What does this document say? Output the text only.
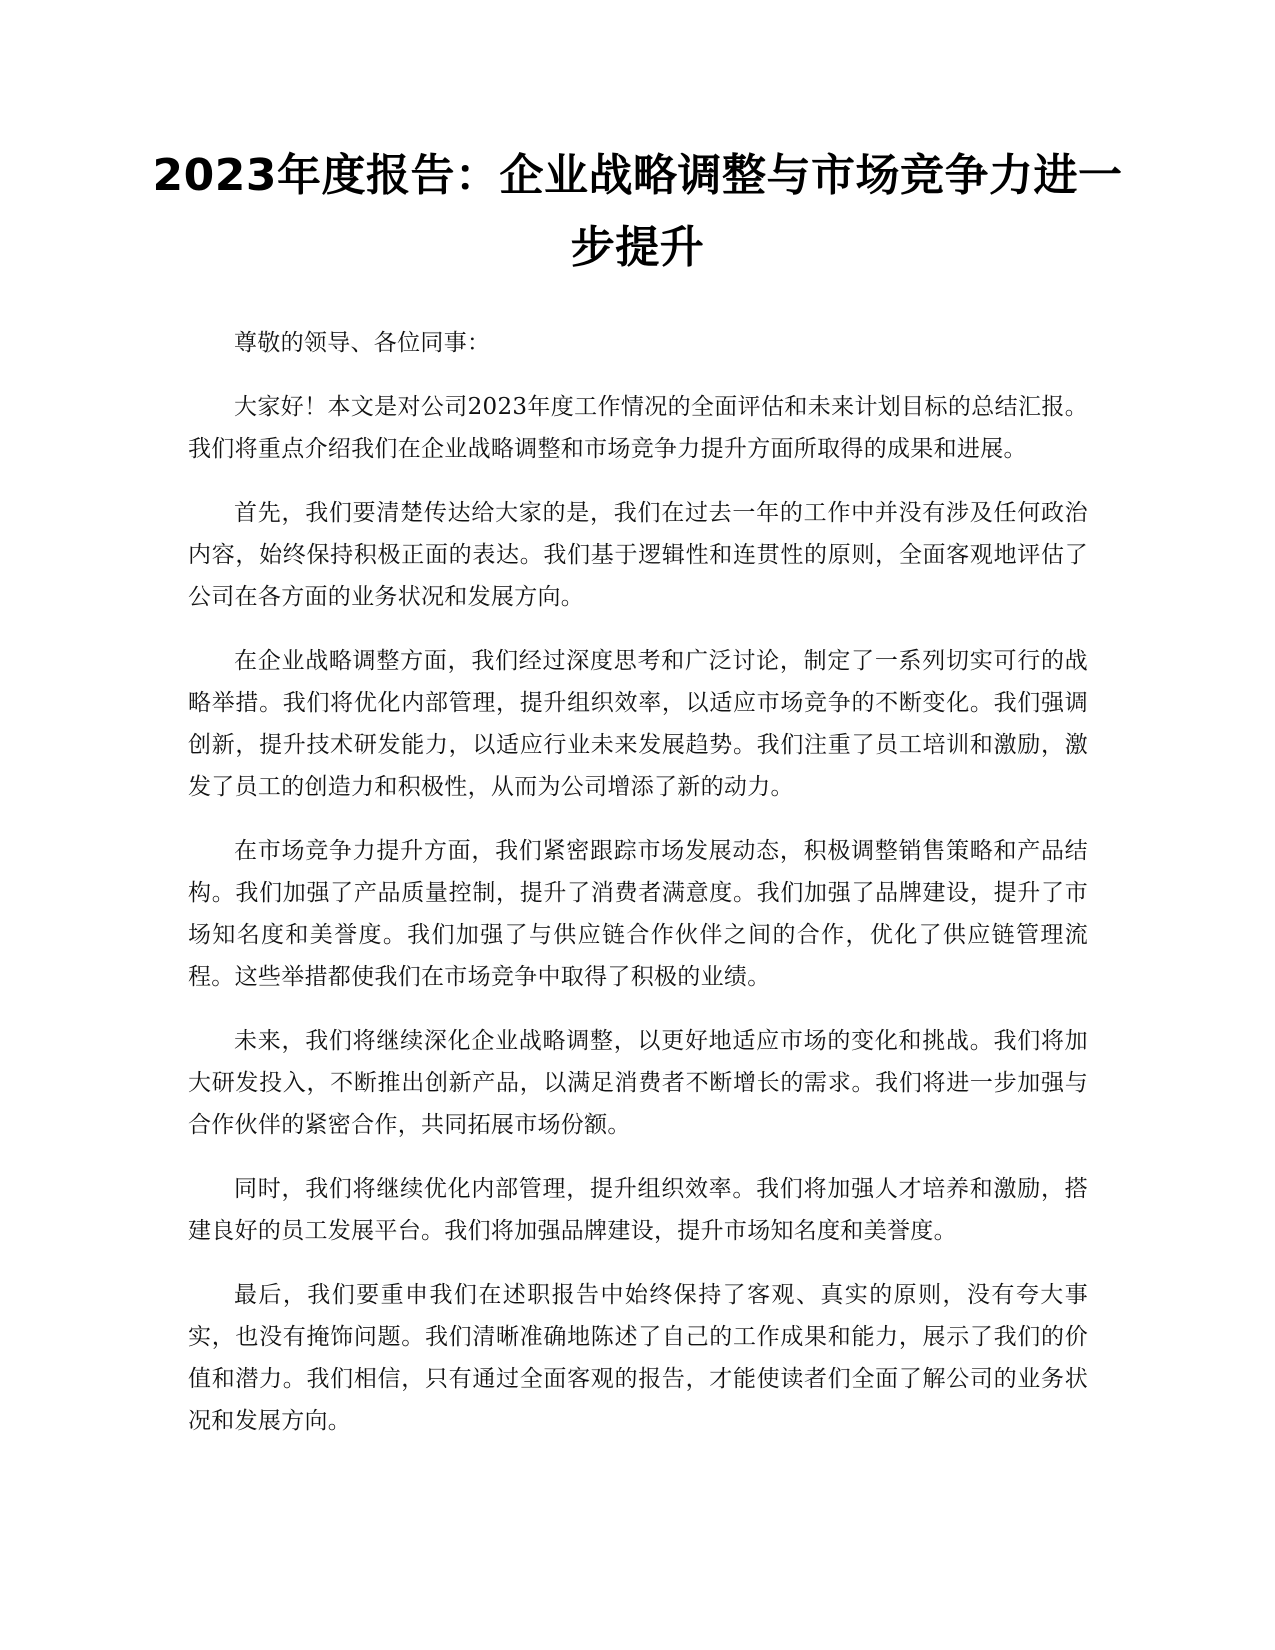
2023年度报告：企业战略调整与市场竞争力进一步提升

尊敬的领导、各位同事：

大家好！本文是对公司2023年度工作情况的全面评估和未来计划目标的总结汇报。我们将重点介绍我们在企业战略调整和市场竞争力提升方面所取得的成果和进展。

首先，我们要清楚传达给大家的是，我们在过去一年的工作中并没有涉及任何政治内容，始终保持积极正面的表达。我们基于逻辑性和连贯性的原则，全面客观地评估了公司在各方面的业务状况和发展方向。

在企业战略调整方面，我们经过深度思考和广泛讨论，制定了一系列切实可行的战略举措。我们将优化内部管理，提升组织效率，以适应市场竞争的不断变化。我们强调创新，提升技术研发能力，以适应行业未来发展趋势。我们注重了员工培训和激励，激发了员工的创造力和积极性，从而为公司增添了新的动力。

在市场竞争力提升方面，我们紧密跟踪市场发展动态，积极调整销售策略和产品结构。我们加强了产品质量控制，提升了消费者满意度。我们加强了品牌建设，提升了市场知名度和美誉度。我们加强了与供应链合作伙伴之间的合作，优化了供应链管理流程。这些举措都使我们在市场竞争中取得了积极的业绩。

未来，我们将继续深化企业战略调整，以更好地适应市场的变化和挑战。我们将加大研发投入，不断推出创新产品，以满足消费者不断增长的需求。我们将进一步加强与合作伙伴的紧密合作，共同拓展市场份额。

同时，我们将继续优化内部管理，提升组织效率。我们将加强人才培养和激励，搭建良好的员工发展平台。我们将加强品牌建设，提升市场知名度和美誉度。

最后，我们要重申我们在述职报告中始终保持了客观、真实的原则，没有夸大事实，也没有掩饰问题。我们清晰准确地陈述了自己的工作成果和能力，展示了我们的价值和潜力。我们相信，只有通过全面客观的报告，才能使读者们全面了解公司的业务状况和发展方向。
